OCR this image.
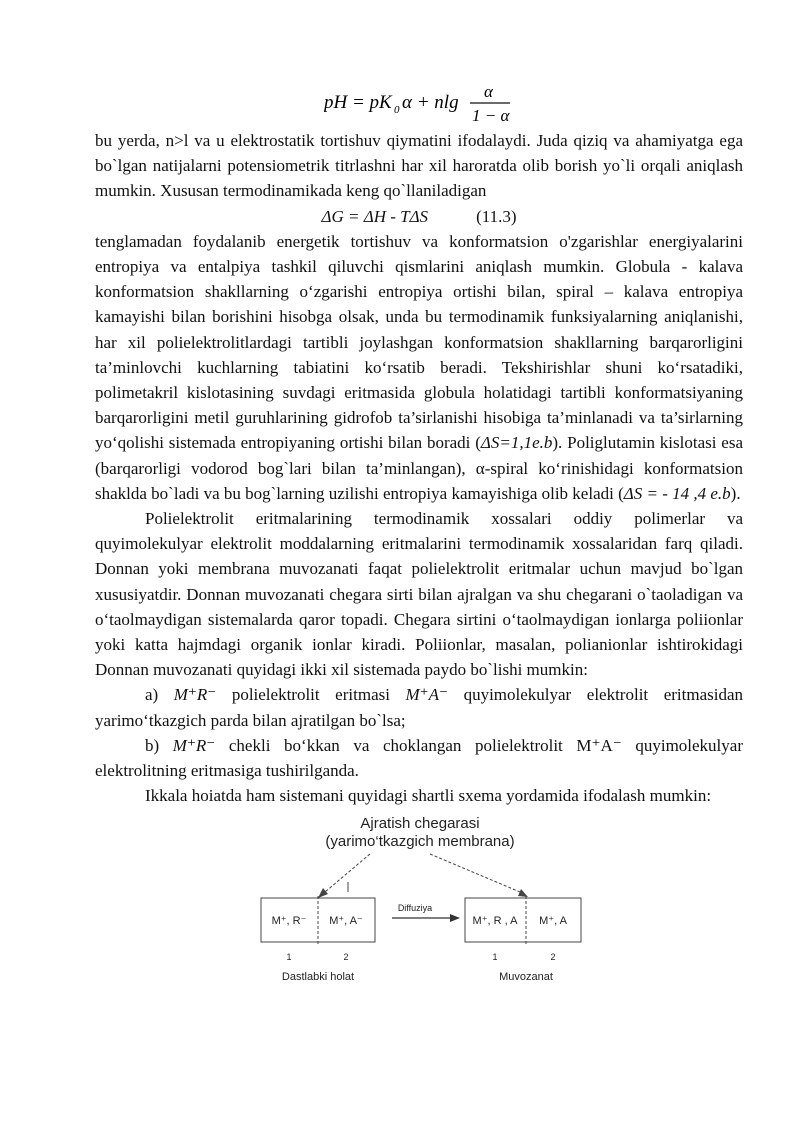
pH = pK 0 α + nlg
α
1 − α

bu yerda, n>l va u elektrostatik tortishuv qiymatini ifodalaydi. Juda qiziq va ahamiyatga ega bo`lgan natijalarni potensiometrik titrlashni har xil haroratda olib borish yo`li orqali aniqlash mumkin. Xususan termodinamikada keng qo`llaniladigan

ΔG = ΔH - TΔS	(11.3)

tenglamadan foydalanib energetik tortishuv va konformatsion o'zgarishlar energiyalarini entropiya va entalpiya tashkil qiluvchi qismlarini aniqlash mumkin. Globula - kalava konformatsion shakllarning o‘zgarishi entropiya ortishi bilan, spiral – kalava entropiya kamayishi bilan borishini hisobga olsak, unda bu termodinamik funksiyalarning aniqlanishi, har xil polielektrolitlardagi tartibli joylashgan konformatsion shakllarning barqarorligini ta’minlovchi kuchlarning tabiatini ko‘rsatib beradi. Tekshirishlar shuni ko‘rsatadiki, polimetakril kislotasining suvdagi eritmasida globula holatidagi tartibli konformatsiyaning barqarorligini metil guruhlarining gidrofob ta’sirlanishi hisobiga ta’minlanadi va ta’sirlarning yo‘qolishi sistemada entropiyaning ortishi bilan boradi (ΔS=1,1e.b). Poliglutamin kislotasi esa (barqarorligi vodorod bog`lari bilan ta’minlangan), α-spiral ko‘rinishidagi konformatsion shaklda bo`ladi va bu bog`larning uzilishi entropiya kamayishiga olib keladi (ΔS = - 14 ,4 e.b).

Polielektrolit eritmalarining termodinamik xossalari oddiy polimerlar va quyimolekulyar elektrolit moddalarning eritmalarini termodinamik xossalaridan farq qiladi. Donnan yoki membrana muvozanati faqat polielektrolit eritmalar uchun mavjud bo`lgan xususiyatdir. Donnan muvozanati chegara sirti bilan ajralgan va shu chegarani o`taoladigan va o‘taolmaydigan sistemalarda qaror topadi. Chegara sirtini o‘taolmaydigan ionlarga poliionlar yoki katta hajmdagi organik ionlar kiradi. Poliionlar, masalan, polianionlar ishtirokidagi Donnan muvozanati quyidagi ikki xil sistemada paydo bo`lishi mumkin:

a) M⁺R⁻ polielektrolit eritmasi M⁺A⁻ quyimolekulyar elektrolit eritmasidan yarimo‘tkazgich parda bilan ajratilgan bo`lsa;

b) M⁺R⁻ chekli bo‘kkan va choklangan polielektrolit M⁺A⁻ quyimolekulyar elektrolitning eritmasiga tushirilganda.

Ikkala hoiatda ham sistemani quyidagi shartli sxema yordamida ifodalash mumkin:

Ajratish chegarasi
(yarimo‘tkazgich membrana)
M⁺, R⁻ M⁺, A⁻
Diffuziya
M⁺, R , A M⁺, A
1	2	1	2
Dastlabki holat	Muvozanat
